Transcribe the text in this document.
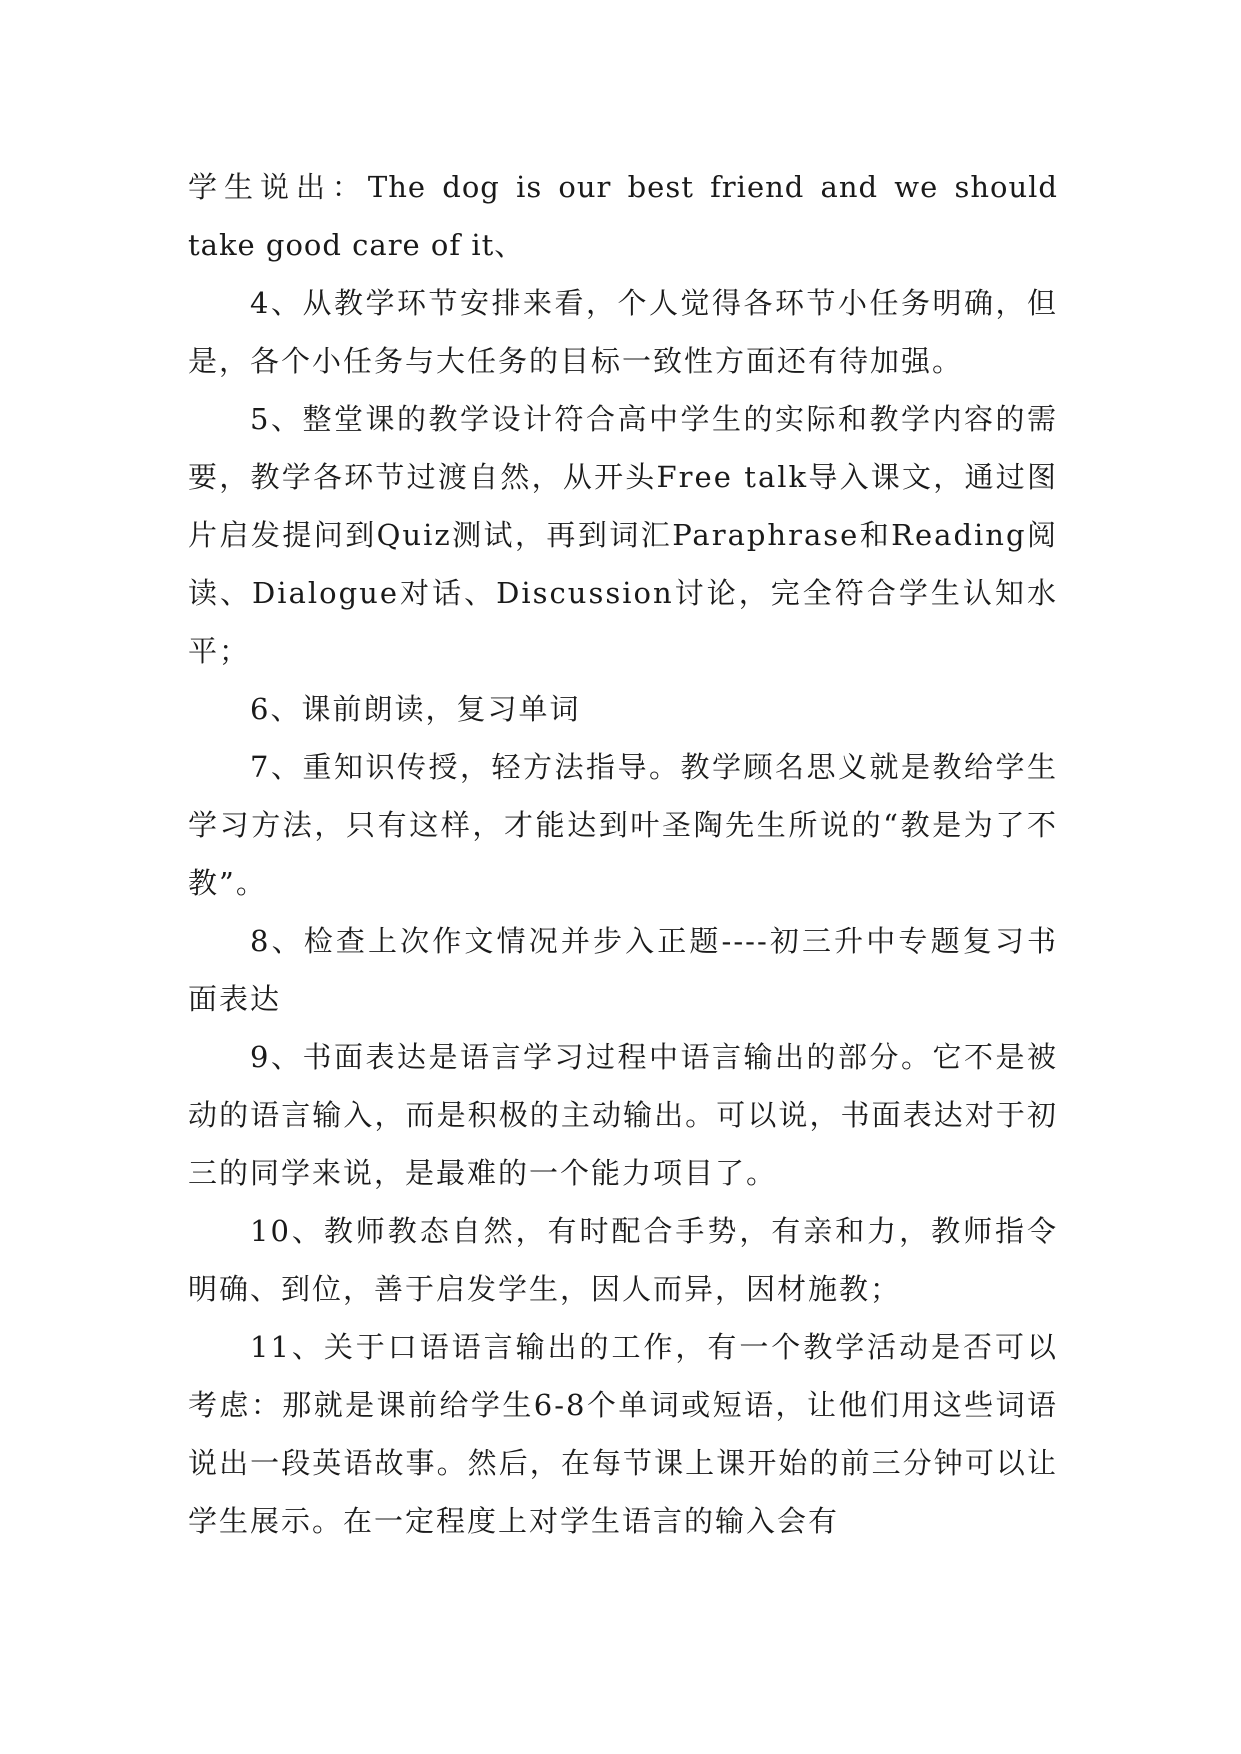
学生说出：The dog is our best friend and we should take good care of it、

4、从教学环节安排来看，个人觉得各环节小任务明确，但是，各个小任务与大任务的目标一致性方面还有待加强。

5、整堂课的教学设计符合高中学生的实际和教学内容的需要，教学各环节过渡自然，从开头Free talk导入课文，通过图片启发提问到Quiz测试，再到词汇Paraphrase和Reading阅读、Dialogue对话、Discussion讨论，完全符合学生认知水平；

6、课前朗读，复习单词

7、重知识传授，轻方法指导。教学顾名思义就是教给学生学习方法，只有这样，才能达到叶圣陶先生所说的“教是为了不教”。

8、检查上次作文情况并步入正题----初三升中专题复习书面表达

9、书面表达是语言学习过程中语言输出的部分。它不是被动的语言输入，而是积极的主动输出。可以说，书面表达对于初三的同学来说，是最难的一个能力项目了。

10、教师教态自然，有时配合手势，有亲和力，教师指令明确、到位，善于启发学生，因人而异，因材施教；

11、关于口语语言输出的工作，有一个教学活动是否可以考虑：那就是课前给学生6-8个单词或短语，让他们用这些词语说出一段英语故事。然后，在每节课上课开始的前三分钟可以让学生展示。在一定程度上对学生语言的输入会有
